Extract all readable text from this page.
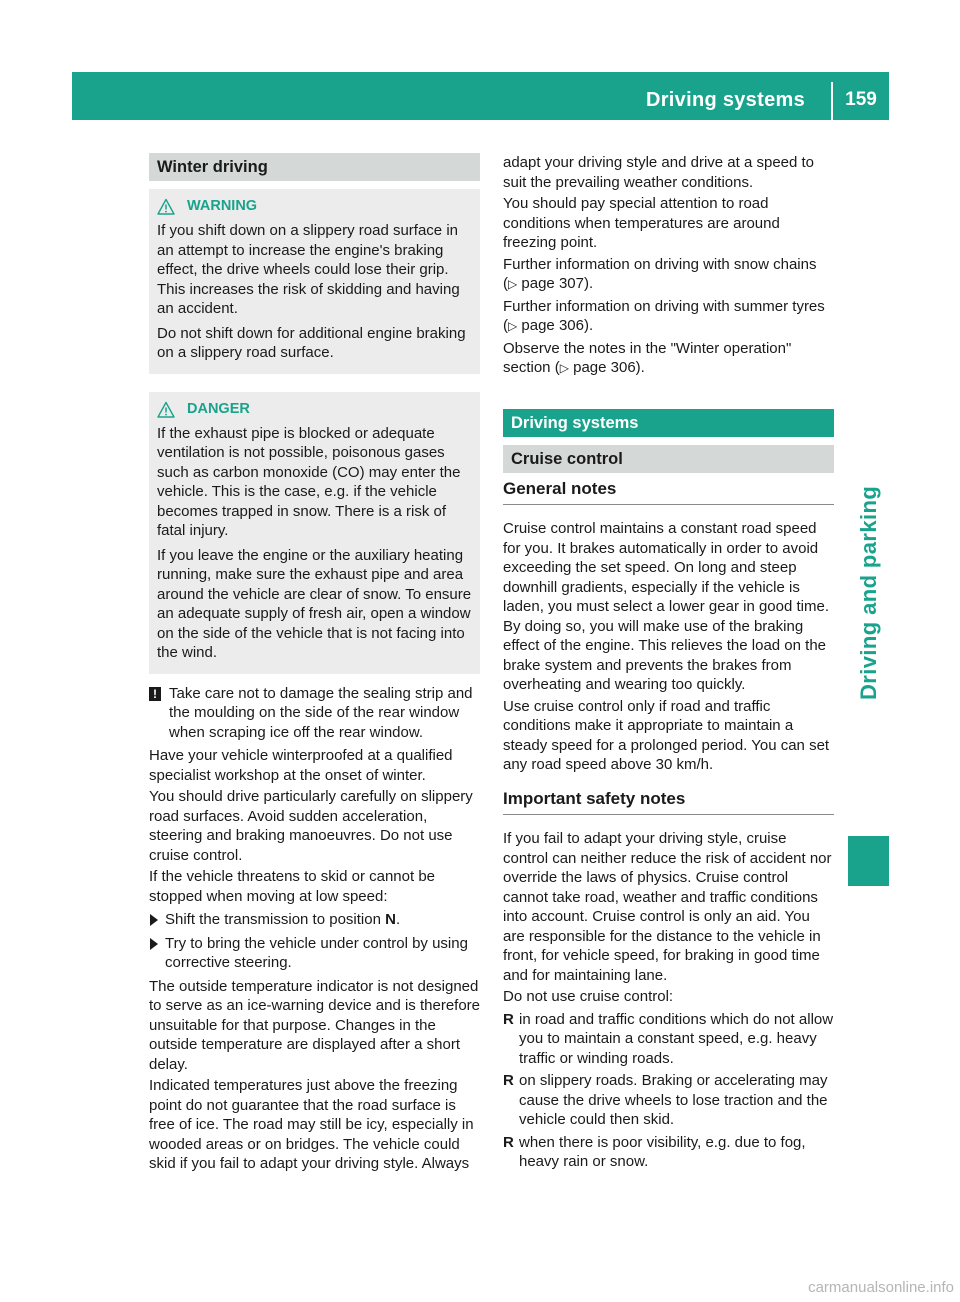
Driving systems	159
Driving and parking
Winter driving
WARNING

If you shift down on a slippery road surface in an attempt to increase the engine's braking effect, the drive wheels could lose their grip. This increases the risk of skidding and having an accident.

Do not shift down for additional engine braking on a slippery road surface.

DANGER

If the exhaust pipe is blocked or adequate ventilation is not possible, poisonous gases such as carbon monoxide (CO) may enter the vehicle. This is the case, e.g. if the vehicle becomes trapped in snow. There is a risk of fatal injury.

If you leave the engine or the auxiliary heating running, make sure the exhaust pipe and area around the vehicle are clear of snow. To ensure an adequate supply of fresh air, open a window on the side of the vehicle that is not facing into the wind.

! Take care not to damage the sealing strip and the moulding on the side of the rear window when scraping ice off the rear window.

Have your vehicle winterproofed at a qualified specialist workshop at the onset of winter.

You should drive particularly carefully on slippery road surfaces. Avoid sudden acceleration, steering and braking manoeuvres. Do not use cruise control.

If the vehicle threatens to skid or cannot be stopped when moving at low speed:

Shift the transmission to position N.
Try to bring the vehicle under control by using corrective steering.

The outside temperature indicator is not designed to serve as an ice-warning device and is therefore unsuitable for that purpose. Changes in the outside temperature are displayed after a short delay.

Indicated temperatures just above the freezing point do not guarantee that the road surface is free of ice. The road may still be icy, especially in wooded areas or on bridges. The vehicle could skid if you fail to adapt your driving style. Always

adapt your driving style and drive at a speed to suit the prevailing weather conditions.

You should pay special attention to road conditions when temperatures are around freezing point.

Further information on driving with snow chains (▷ page 307).

Further information on driving with summer tyres (▷ page 306).

Observe the notes in the "Winter operation" section (▷ page 306).

Driving systems
Cruise control
General notes

Cruise control maintains a constant road speed for you. It brakes automatically in order to avoid exceeding the set speed. On long and steep downhill gradients, especially if the vehicle is laden, you must select a lower gear in good time. By doing so, you will make use of the braking effect of the engine. This relieves the load on the brake system and prevents the brakes from overheating and wearing too quickly.

Use cruise control only if road and traffic conditions make it appropriate to maintain a steady speed for a prolonged period. You can set any road speed above 30 km/h.

Important safety notes

If you fail to adapt your driving style, cruise control can neither reduce the risk of accident nor override the laws of physics. Cruise control cannot take road, weather and traffic conditions into account. Cruise control is only an aid. You are responsible for the distance to the vehicle in front, for vehicle speed, for braking in good time and for maintaining lane.

Do not use cruise control:

R in road and traffic conditions which do not allow you to maintain a constant speed, e.g. heavy traffic or winding roads.
R on slippery roads. Braking or accelerating may cause the drive wheels to lose traction and the vehicle could then skid.
R when there is poor visibility, e.g. due to fog, heavy rain or snow.
carmanualsonline.info
